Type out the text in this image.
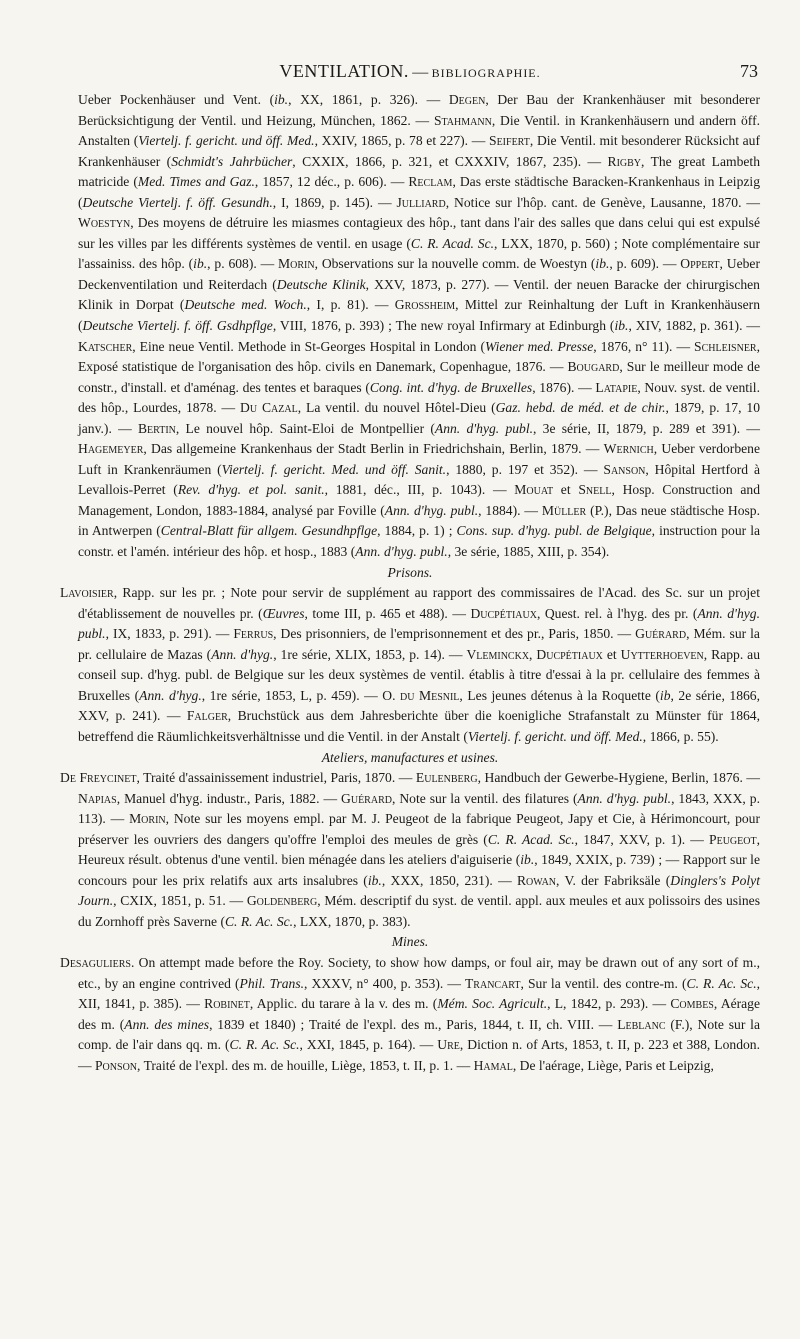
VENTILATION. — BIBLIOGRAPHIE.	73

Ueber Pockenhäuser und Vent. (ib., XX, 1861, p. 326). — Degen, Der Bau der Krankenhäuser mit besonderer Berücksichtigung der Ventil. und Heizung, München, 1862. — Stahmann, Die Ventil. in Krankenhäusern und andern öff. Anstalten (Viertelj. f. gericht. und öff. Med., XXIV, 1865, p. 78 et 227). — Seifert, Die Ventil. mit besonderer Rücksicht auf Krankenhäuser (Schmidt's Jahrbücher, CXXIX, 1866, p. 321, et CXXXIV, 1867, 235). — Rigby, The great Lambeth matricide (Med. Times and Gaz., 1857, 12 déc., p. 606). — Reclam, Das erste städtische Baracken-Krankenhaus in Leipzig (Deutsche Viertelj. f. öff. Gesundh., I, 1869, p. 145). — Julliard, Notice sur l'hôp. cant. de Genève, Lausanne, 1870. — Woestyn, Des moyens de détruire les miasmes contagieux des hôp., tant dans l'air des salles que dans celui qui est expulsé sur les villes par les différents systèmes de ventil. en usage (C. R. Acad. Sc., LXX, 1870, p. 560) ; Note complémentaire sur l'assainiss. des hôp. (ib., p. 608). — Morin, Observations sur la nouvelle comm. de Woestyn (ib., p. 609). — Oppert, Ueber Deckenventilation und Reiterdach (Deutsche Klinik, XXV, 1873, p. 277). — Ventil. der neuen Baracke der chirurgischen Klinik in Dorpat (Deutsche med. Woch., I, p. 81). — Grossheim, Mittel zur Reinhaltung der Luft in Krankenhäusern (Deutsche Viertelj. f. öff. Gsdhpflge, VIII, 1876, p. 393) ; The new royal Infirmary at Edinburgh (ib., XIV, 1882, p. 361). — Katscher, Eine neue Ventil. Methode in St-Georges Hospital in London (Wiener med. Presse, 1876, n° 11). — Schleisner, Exposé statistique de l'organisation des hôp. civils en Danemark, Copenhague, 1876. — Bougard, Sur le meilleur mode de constr., d'install. et d'aménag. des tentes et baraques (Cong. int. d'hyg. de Bruxelles, 1876). — Latapie, Nouv. syst. de ventil. des hôp., Lourdes, 1878. — Du Cazal, La ventil. du nouvel Hôtel-Dieu (Gaz. hebd. de méd. et de chir., 1879, p. 17, 10 janv.). — Bertin, Le nouvel hôp. Saint-Eloi de Montpellier (Ann. d'hyg. publ., 3e série, II, 1879, p. 289 et 391). — Hagemeyer, Das allgemeine Krankenhaus der Stadt Berlin in Friedrichshain, Berlin, 1879. — Wernich, Ueber verdorbene Luft in Krankenräumen (Viertelj. f. gericht. Med. und öff. Sanit., 1880, p. 197 et 352). — Sanson, Hôpital Hertford à Levallois-Perret (Rev. d'hyg. et pol. sanit., 1881, déc., III, p. 1043). — Mouat et Snell, Hosp. Construction and Management, London, 1883-1884, analysé par Foville (Ann. d'hyg. publ., 1884). — Müller (P.), Das neue städtische Hosp. in Antwerpen (Central-Blatt für allgem. Gesundhpflge, 1884, p. 1) ; Cons. sup. d'hyg. publ. de Belgique, instruction pour la constr. et l'amén. intérieur des hôp. et hosp., 1883 (Ann. d'hyg. publ., 3e série, 1885, XIII, p. 354).

Prisons.

Lavoisier, Rapp. sur les pr. ; Note pour servir de supplément au rapport des commissaires de l'Acad. des Sc. sur un projet d'établissement de nouvelles pr. (Œuvres, tome III, p. 465 et 488). — Ducpétiaux, Quest. rel. à l'hyg. des pr. (Ann. d'hyg. publ., IX, 1833, p. 291). — Ferrus, Des prisonniers, de l'emprisonnement et des pr., Paris, 1850. — Guérard, Mém. sur la pr. cellulaire de Mazas (Ann. d'hyg., 1re série, XLIX, 1853, p. 14). — Vleminckx, Ducpétiaux et Uytterhoeven, Rapp. au conseil sup. d'hyg. publ. de Belgique sur les deux systèmes de ventil. établis à titre d'essai à la pr. cellulaire des femmes à Bruxelles (Ann. d'hyg., 1re série, 1853, L, p. 459). — O. du Mesnil, Les jeunes détenus à la Roquette (ib, 2e série, 1866, XXV, p. 241). — Falger, Bruchstück aus dem Jahresberichte über die koenigliche Strafanstalt zu Münster für 1864, betreffend die Räumlichkeitsverhältnisse und die Ventil. in der Anstalt (Viertelj. f. gericht. und öff. Med., 1866, p. 55).

Ateliers, manufactures et usines.

De Freycinet, Traité d'assainissement industriel, Paris, 1870. — Eulenberg, Handbuch der Gewerbe-Hygiene, Berlin, 1876. — Napias, Manuel d'hyg. industr., Paris, 1882. — Guérard, Note sur la ventil. des filatures (Ann. d'hyg. publ., 1843, XXX, p. 113). — Morin, Note sur les moyens empl. par M. J. Peugeot de la fabrique Peugeot, Japy et Cie, à Hérimoncourt, pour préserver les ouvriers des dangers qu'offre l'emploi des meules de grès (C. R. Acad. Sc., 1847, XXV, p. 1). — Peugeot, Heureux résult. obtenus d'une ventil. bien ménagée dans les ateliers d'aiguiserie (ib., 1849, XXIX, p. 739) ; — Rapport sur le concours pour les prix relatifs aux arts insalubres (ib., XXX, 1850, 231). — Rowan, V. der Fabriksäle (Dinglers's Polyt Journ., CXIX, 1851, p. 51. — Goldenberg, Mém. descriptif du syst. de ventil. appl. aux meules et aux polissoirs des usines du Zornhoff près Saverne (C. R. Ac. Sc., LXX, 1870, p. 383).

Mines.

Desaguliers. On attempt made before the Roy. Society, to show how damps, or foul air, may be drawn out of any sort of m., etc., by an engine contrived (Phil. Trans., XXXV, n° 400, p. 353). — Trancart, Sur la ventil. des contre-m. (C. R. Ac. Sc., XII, 1841, p. 385). — Robinet, Applic. du tarare à la v. des m. (Mém. Soc. Agricult., L, 1842, p. 293). — Combes, Aérage des m. (Ann. des mines, 1839 et 1840) ; Traité de l'expl. des m., Paris, 1844, t. II, ch. VIII. — Leblanc (F.), Note sur la comp. de l'air dans qq. m. (C. R. Ac. Sc., XXI, 1845, p. 164). — Ure, Diction n. of Arts, 1853, t. II, p. 223 et 388, London. — Ponson, Traité de l'expl. des m. de houille, Liège, 1853, t. II, p. 1. — Hamal, De l'aérage, Liège, Paris et Leipzig,
